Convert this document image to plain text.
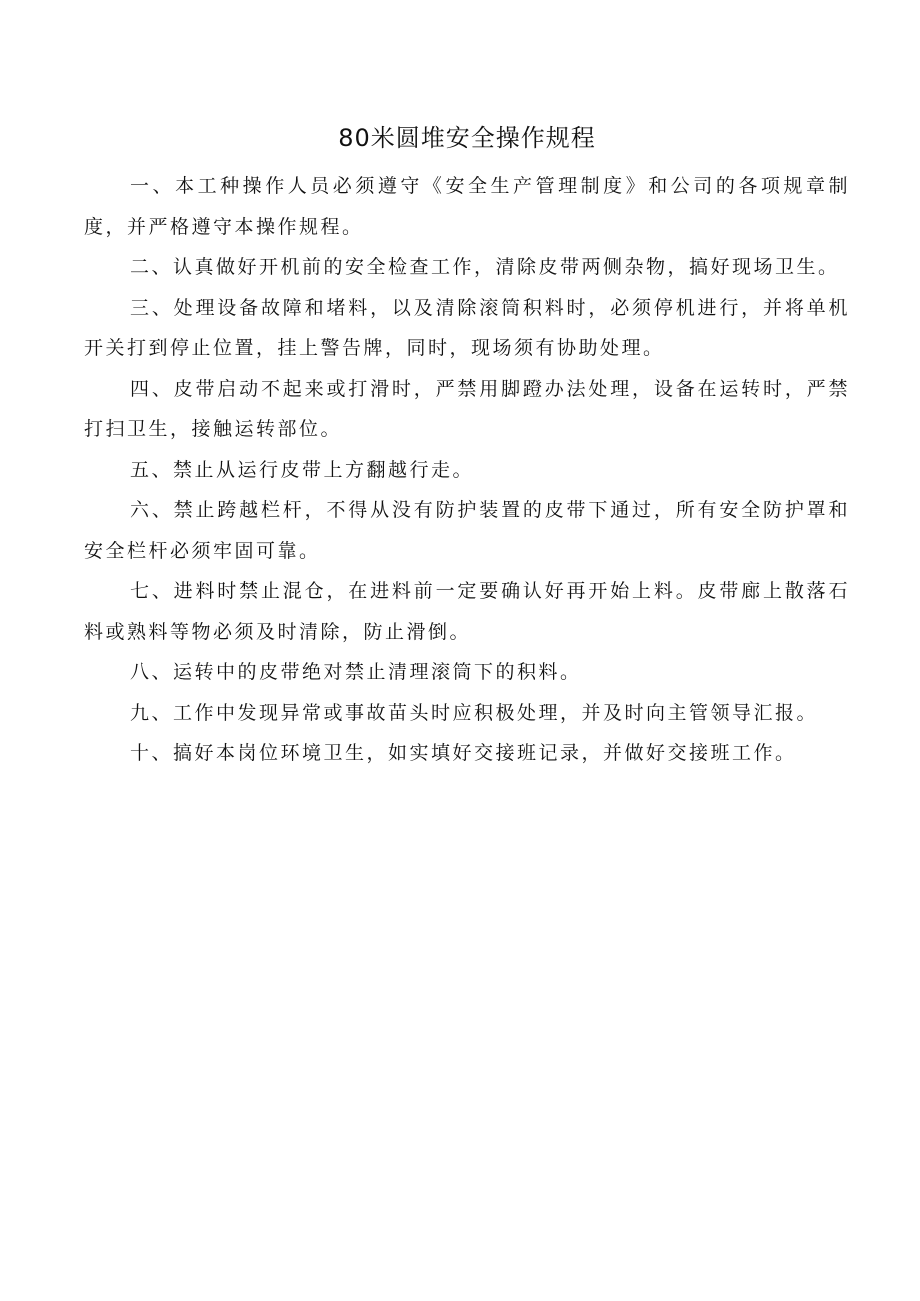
80米圆堆安全操作规程

一、本工种操作人员必须遵守《安全生产管理制度》和公司的各项规章制度，并严格遵守本操作规程。

二、认真做好开机前的安全检查工作，清除皮带两侧杂物，搞好现场卫生。

三、处理设备故障和堵料，以及清除滚筒积料时，必须停机进行，并将单机开关打到停止位置，挂上警告牌，同时，现场须有协助处理。

四、皮带启动不起来或打滑时，严禁用脚蹬办法处理，设备在运转时，严禁打扫卫生，接触运转部位。

五、禁止从运行皮带上方翻越行走。

六、禁止跨越栏杆，不得从没有防护装置的皮带下通过，所有安全防护罩和安全栏杆必须牢固可靠。

七、进料时禁止混仓，在进料前一定要确认好再开始上料。皮带廊上散落石料或熟料等物必须及时清除，防止滑倒。

八、运转中的皮带绝对禁止清理滚筒下的积料。

九、工作中发现异常或事故苗头时应积极处理，并及时向主管领导汇报。

十、搞好本岗位环境卫生，如实填好交接班记录，并做好交接班工作。
